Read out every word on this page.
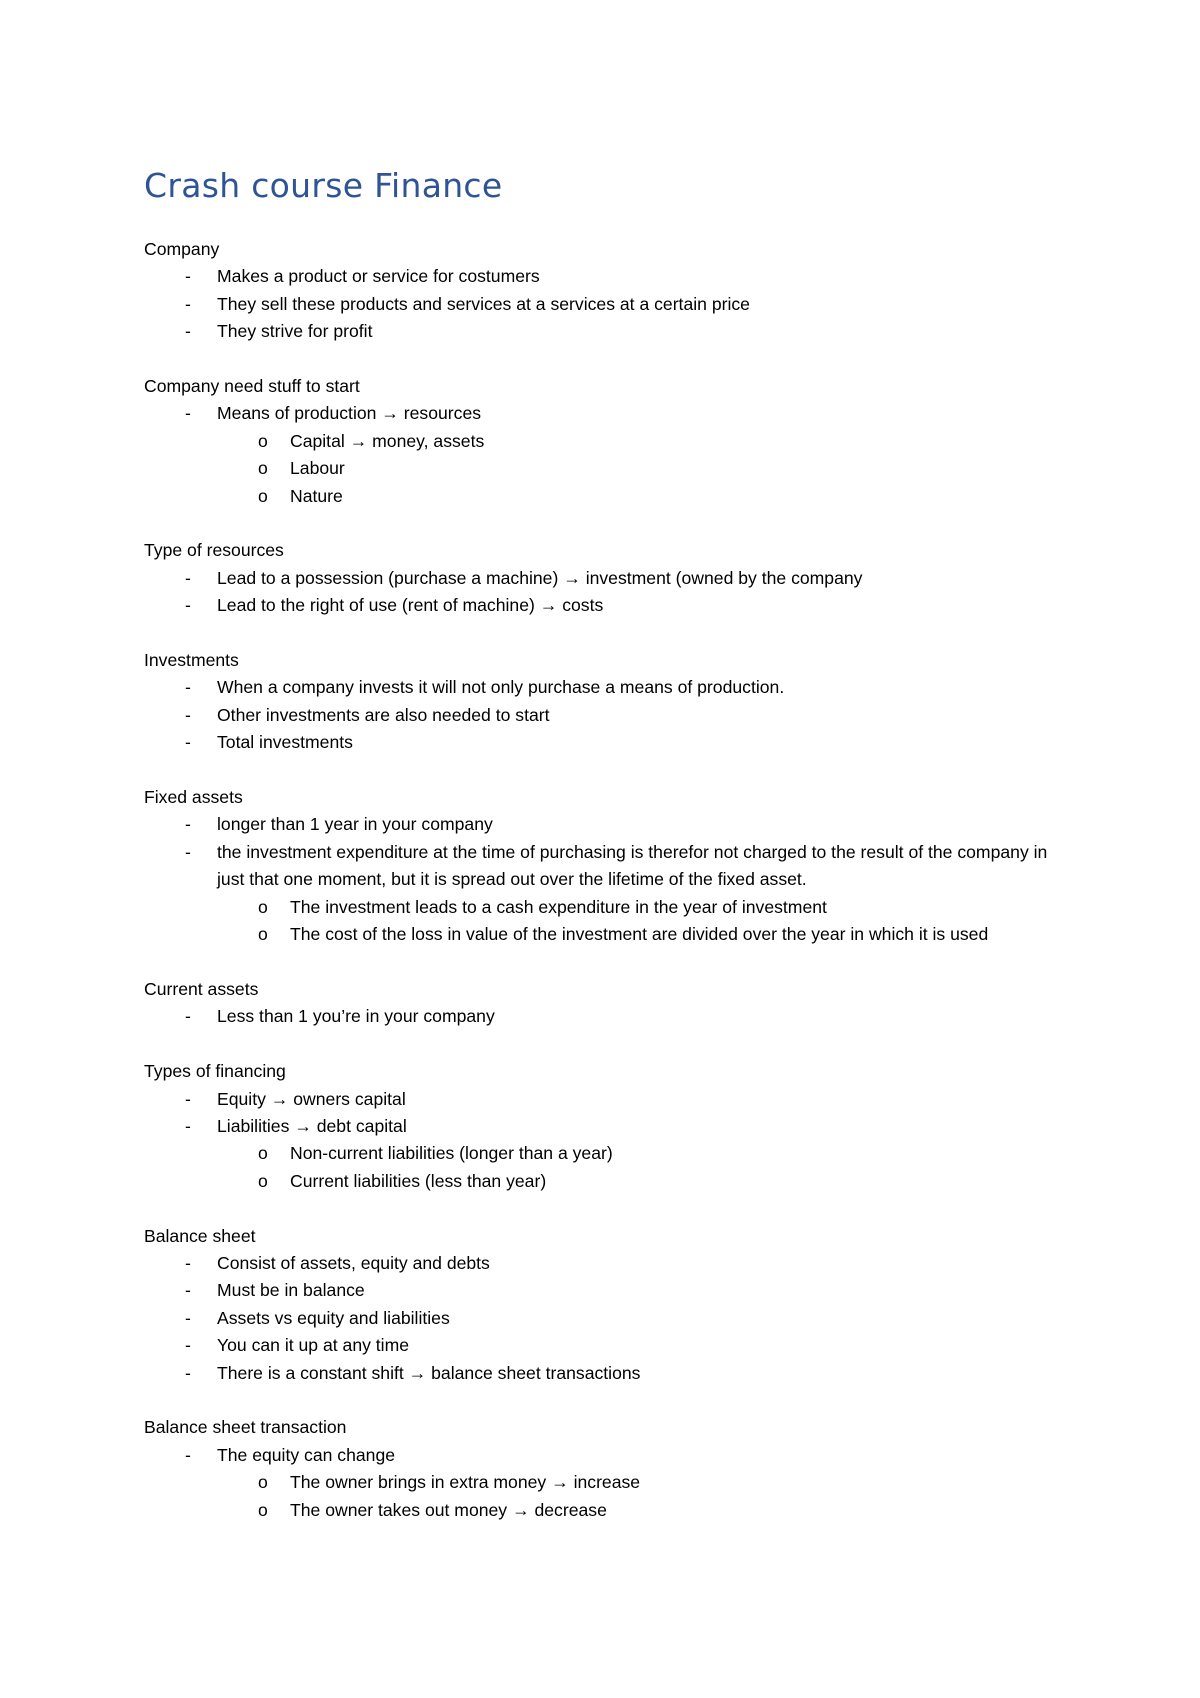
Crash course Finance
Company
- Makes a product or service for costumers
- They sell these products and services at a services at a certain price
- They strive for profit
Company need stuff to start
- Means of production → resources
o Capital → money, assets
o Labour
o Nature
Type of resources
- Lead to a possession (purchase a machine) → investment (owned by the company
- Lead to the right of use (rent of machine) → costs
Investments
- When a company invests it will not only purchase a means of production.
- Other investments are also needed to start
- Total investments
Fixed assets
- longer than 1 year in your company
- the investment expenditure at the time of purchasing is therefor not charged to the result of the company in just that one moment, but it is spread out over the lifetime of the fixed asset.
o The investment leads to a cash expenditure in the year of investment
o The cost of the loss in value of the investment are divided over the year in which it is used
Current assets
- Less than 1 you’re in your company
Types of financing
- Equity → owners capital
- Liabilities → debt capital
o Non-current liabilities (longer than a year)
o Current liabilities (less than year)
Balance sheet
- Consist of assets, equity and debts
- Must be in balance
- Assets vs equity and liabilities
- You can it up at any time
- There is a constant shift → balance sheet transactions
Balance sheet transaction
- The equity can change
o The owner brings in extra money → increase
o The owner takes out money → decrease
